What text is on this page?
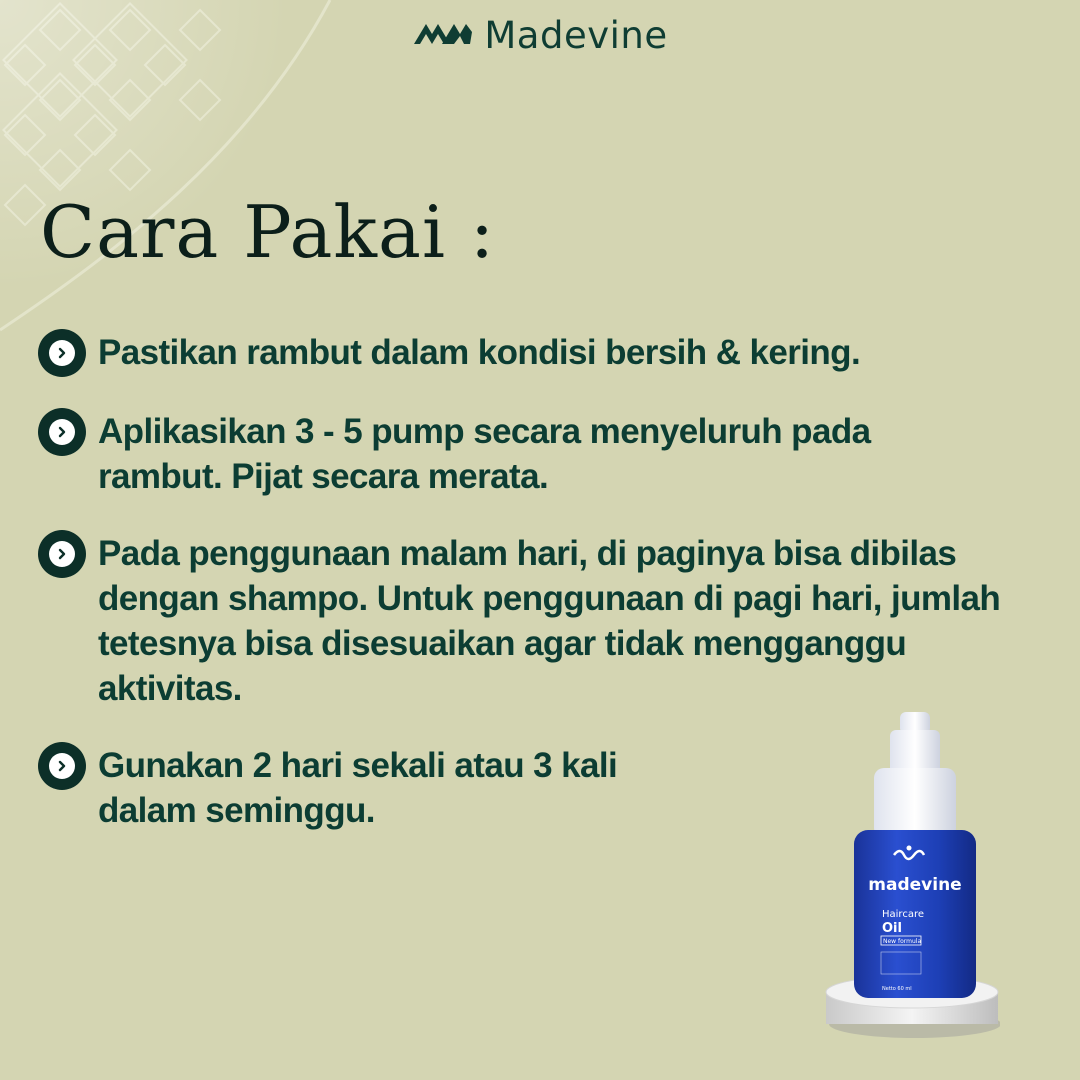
Madevine
Cara Pakai :
Pastikan rambut dalam kondisi bersih & kering.
Aplikasikan 3 - 5 pump secara menyeluruh pada rambut. Pijat secara merata.
Pada penggunaan malam hari, di paginya bisa dibilas dengan shampo. Untuk penggunaan di pagi hari, jumlah tetesnya bisa disesuaikan agar tidak mengganggu aktivitas.
Gunakan 2 hari sekali atau 3 kali dalam seminggu.
madevine
Haircare
Oil
New formula
Netto 60 ml
